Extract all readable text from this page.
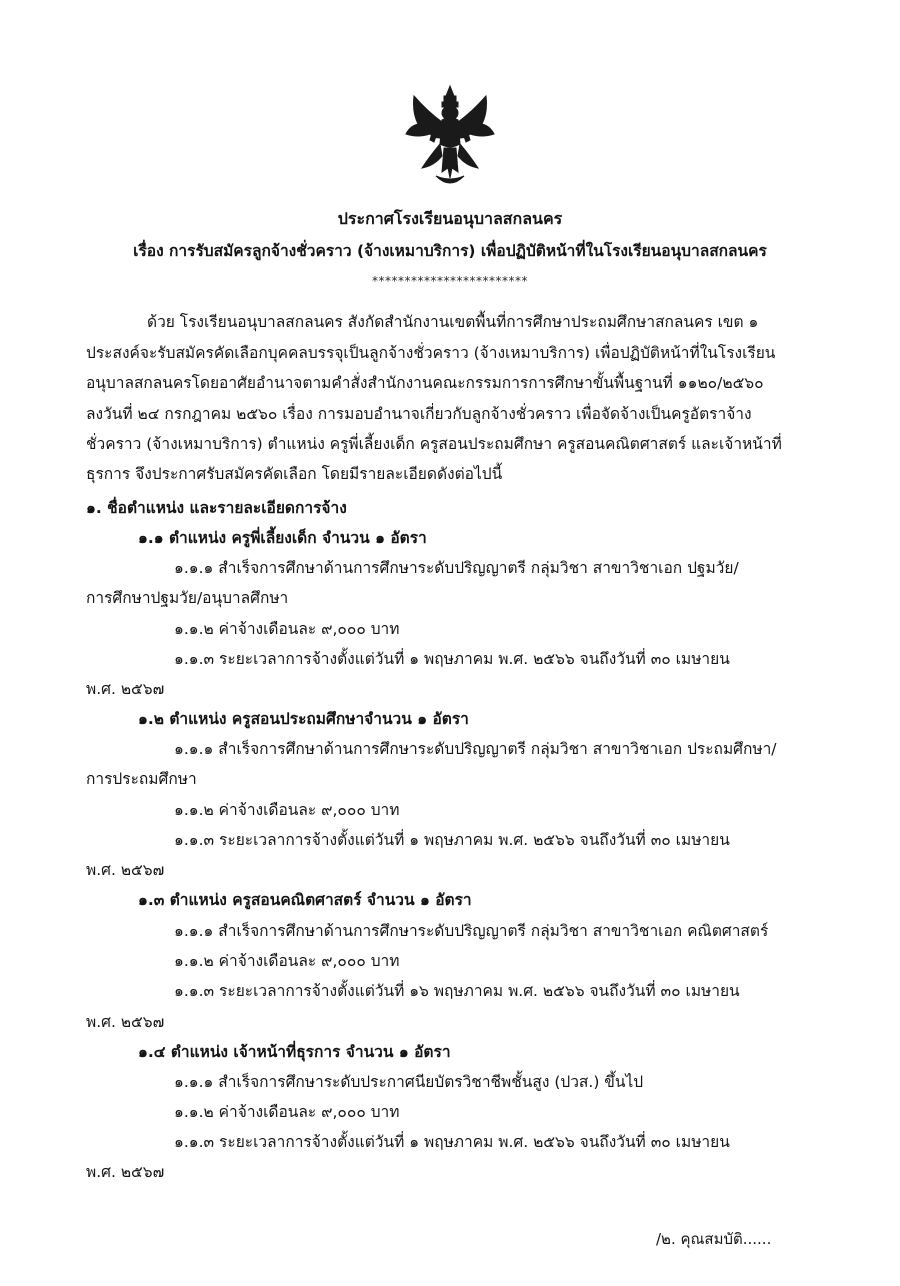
ประกาศโรงเรียนอนุบาลสกลนคร
เรื่อง การรับสมัครลูกจ้างชั่วคราว (จ้างเหมาบริการ) เพื่อปฏิบัติหน้าที่ในโรงเรียนอนุบาลสกลนคร
************************
ด้วย โรงเรียนอนุบาลสกลนคร สังกัดสำนักงานเขตพื้นที่การศึกษาประถมศึกษาสกลนคร เขต ๑
ประสงค์จะรับสมัครคัดเลือกบุคคลบรรจุเป็นลูกจ้างชั่วคราว (จ้างเหมาบริการ) เพื่อปฏิบัติหน้าที่ในโรงเรียน
อนุบาลสกลนครโดยอาศัยอำนาจตามคำสั่งสำนักงานคณะกรรมการการศึกษาขั้นพื้นฐานที่ ๑๑๒๐/๒๕๖๐
ลงวันที่ ๒๔ กรกฎาคม ๒๕๖๐ เรื่อง การมอบอำนาจเกี่ยวกับลูกจ้างชั่วคราว เพื่อจัดจ้างเป็นครูอัตราจ้าง
ชั่วคราว (จ้างเหมาบริการ) ตำแหน่ง ครูพี่เลี้ยงเด็ก ครูสอนประถมศึกษา ครูสอนคณิตศาสตร์ และเจ้าหน้าที่
ธุรการ จึงประกาศรับสมัครคัดเลือก โดยมีรายละเอียดดังต่อไปนี้
๑. ชื่อตำแหน่ง และรายละเอียดการจ้าง
๑.๑ ตำแหน่ง ครูพี่เลี้ยงเด็ก จำนวน ๑ อัตรา
๑.๑.๑ สำเร็จการศึกษาด้านการศึกษาระดับปริญญาตรี กลุ่มวิชา สาขาวิชาเอก ปฐมวัย/
การศึกษาปฐมวัย/อนุบาลศึกษา
๑.๑.๒ ค่าจ้างเดือนละ ๙,๐๐๐ บาท
๑.๑.๓ ระยะเวลาการจ้างตั้งแต่วันที่ ๑ พฤษภาคม พ.ศ. ๒๕๖๖ จนถึงวันที่ ๓๐ เมษายน
พ.ศ. ๒๕๖๗
๑.๒ ตำแหน่ง ครูสอนประถมศึกษาจำนวน ๑ อัตรา
๑.๑.๑ สำเร็จการศึกษาด้านการศึกษาระดับปริญญาตรี กลุ่มวิชา สาขาวิชาเอก ประถมศึกษา/
การประถมศึกษา
๑.๑.๒ ค่าจ้างเดือนละ ๙,๐๐๐ บาท
๑.๑.๓ ระยะเวลาการจ้างตั้งแต่วันที่ ๑ พฤษภาคม พ.ศ. ๒๕๖๖ จนถึงวันที่ ๓๐ เมษายน
พ.ศ. ๒๕๖๗
๑.๓ ตำแหน่ง ครูสอนคณิตศาสตร์ จำนวน ๑ อัตรา
๑.๑.๑ สำเร็จการศึกษาด้านการศึกษาระดับปริญญาตรี กลุ่มวิชา สาขาวิชาเอก คณิตศาสตร์
๑.๑.๒ ค่าจ้างเดือนละ ๙,๐๐๐ บาท
๑.๑.๓ ระยะเวลาการจ้างตั้งแต่วันที่ ๑๖ พฤษภาคม พ.ศ. ๒๕๖๖ จนถึงวันที่ ๓๐ เมษายน
พ.ศ. ๒๕๖๗
๑.๔ ตำแหน่ง เจ้าหน้าที่ธุรการ จำนวน ๑ อัตรา
๑.๑.๑ สำเร็จการศึกษาระดับประกาศนียบัตรวิชาชีพชั้นสูง (ปวส.) ขึ้นไป
๑.๑.๒ ค่าจ้างเดือนละ ๙,๐๐๐ บาท
๑.๑.๓ ระยะเวลาการจ้างตั้งแต่วันที่ ๑ พฤษภาคม พ.ศ. ๒๕๖๖ จนถึงวันที่ ๓๐ เมษายน
พ.ศ. ๒๕๖๗
/๒. คุณสมบัติ......
